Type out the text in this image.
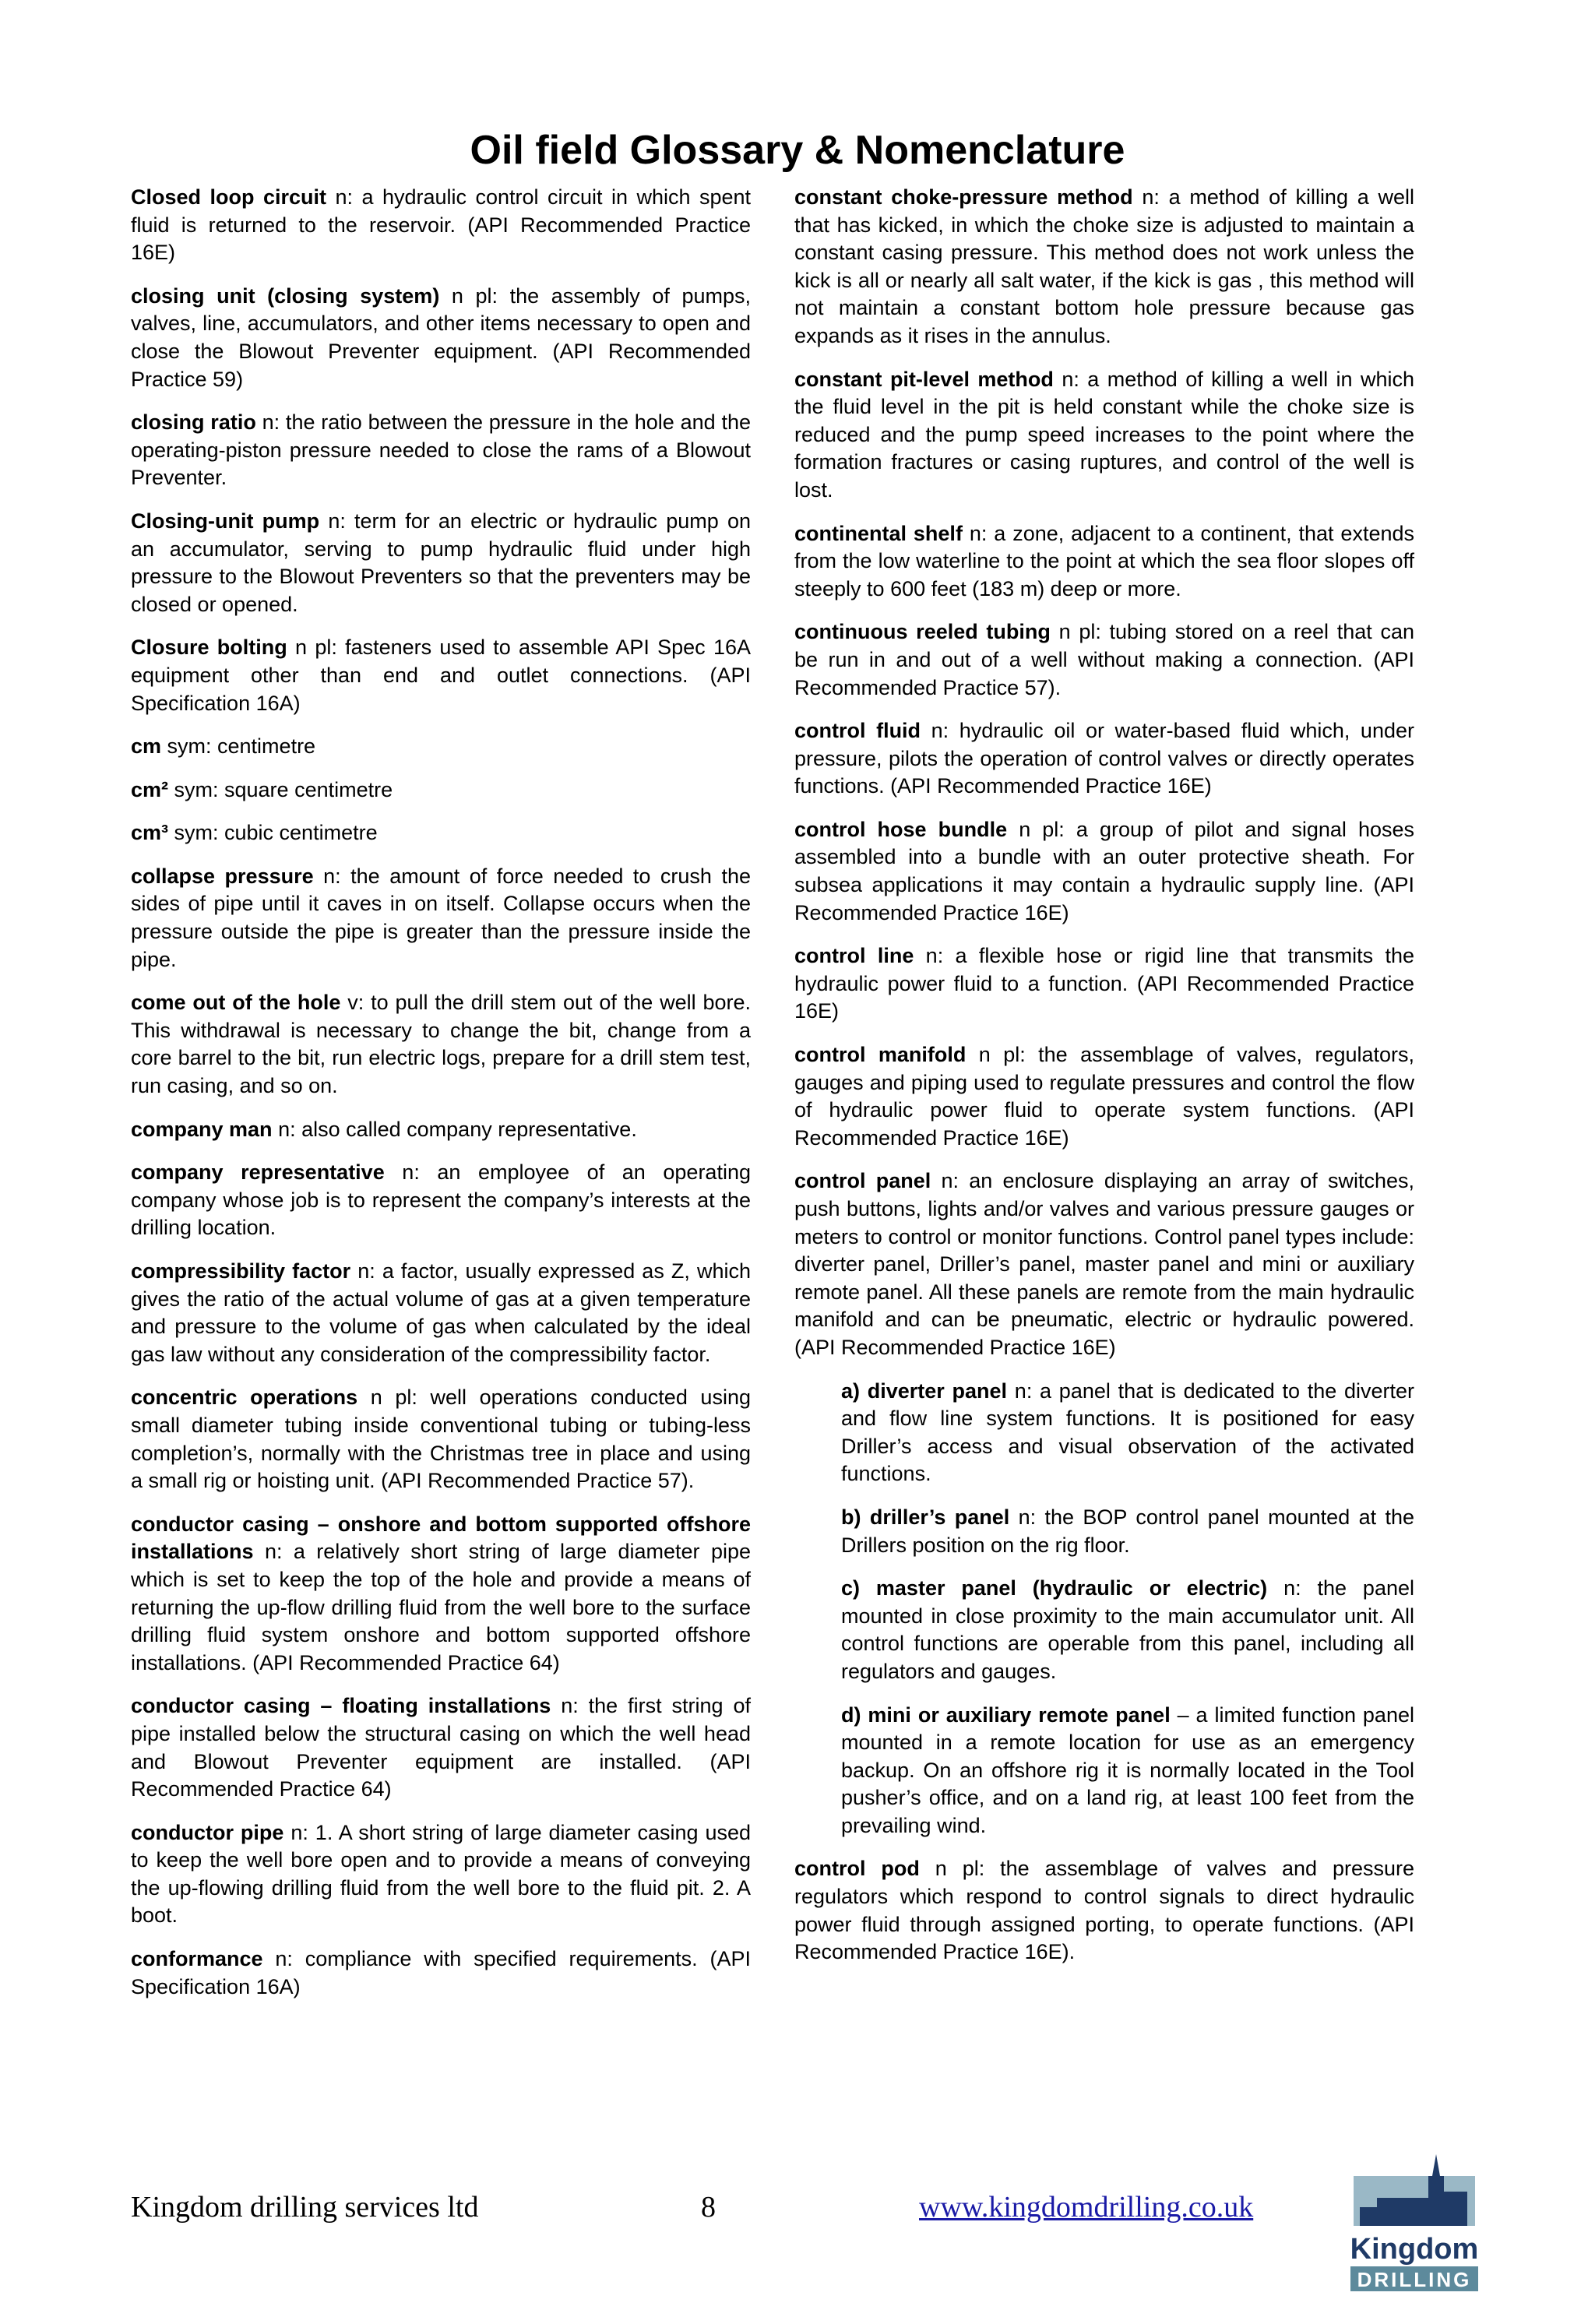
Oil field Glossary & Nomenclature

Closed loop circuit n: a hydraulic control circuit in which spent fluid is returned to the reservoir. (API Recommended Practice 16E)

closing unit (closing system) n pl: the assembly of pumps, valves, line, accumulators, and other items necessary to open and close the Blowout Preventer equipment. (API Recommended Practice 59)

closing ratio n: the ratio between the pressure in the hole and the operating-piston pressure needed to close the rams of a Blowout Preventer.

Closing-unit pump n: term for an electric or hydraulic pump on an accumulator, serving to pump hydraulic fluid under high pressure to the Blowout Preventers so that the preventers may be closed or opened.

Closure bolting n pl: fasteners used to assemble API Spec 16A equipment other than end and outlet connections. (API Specification 16A)

cm sym: centimetre

cm² sym: square centimetre

cm³ sym: cubic centimetre

collapse pressure n: the amount of force needed to crush the sides of pipe until it caves in on itself. Collapse occurs when the pressure outside the pipe is greater than the pressure inside the pipe.

come out of the hole v: to pull the drill stem out of the well bore. This withdrawal is necessary to change the bit, change from a core barrel to the bit, run electric logs, prepare for a drill stem test, run casing, and so on.

company man n: also called company representative.

company representative n: an employee of an operating company whose job is to represent the company’s interests at the drilling location.

compressibility factor n: a factor, usually expressed as Z, which gives the ratio of the actual volume of gas at a given temperature and pressure to the volume of gas when calculated by the ideal gas law without any consideration of the compressibility factor.

concentric operations n pl: well operations conducted using small diameter tubing inside conventional tubing or tubing-less completion’s, normally with the Christmas tree in place and using a small rig or hoisting unit. (API Recommended Practice 57).

conductor casing – onshore and bottom supported offshore installations n: a relatively short string of large diameter pipe which is set to keep the top of the hole and provide a means of returning the up-flow drilling fluid from the well bore to the surface drilling fluid system onshore and bottom supported offshore installations. (API Recommended Practice 64)

conductor casing – floating installations n: the first string of pipe installed below the structural casing on which the well head and Blowout Preventer equipment are installed. (API Recommended Practice 64)

conductor pipe n: 1. A short string of large diameter casing used to keep the well bore open and to provide a means of conveying the up-flowing drilling fluid from the well bore to the fluid pit. 2. A boot.

conformance n: compliance with specified requirements. (API Specification 16A)

constant choke-pressure method n: a method of killing a well that has kicked, in which the choke size is adjusted to maintain a constant casing pressure. This method does not work unless the kick is all or nearly all salt water, if the kick is gas , this method will not maintain a constant bottom hole pressure because gas expands as it rises in the annulus.

constant pit-level method n: a method of killing a well in which the fluid level in the pit is held constant while the choke size is reduced and the pump speed increases to the point where the formation fractures or casing ruptures, and control of the well is lost.

continental shelf n: a zone, adjacent to a continent, that extends from the low waterline to the point at which the sea floor slopes off steeply to 600 feet (183 m) deep or more.

continuous reeled tubing n pl: tubing stored on a reel that can be run in and out of a well without making a connection. (API Recommended Practice 57).

control fluid n: hydraulic oil or water-based fluid which, under pressure, pilots the operation of control valves or directly operates functions. (API Recommended Practice 16E)

control hose bundle n pl: a group of pilot and signal hoses assembled into a bundle with an outer protective sheath. For subsea applications it may contain a hydraulic supply line. (API Recommended Practice 16E)

control line n: a flexible hose or rigid line that transmits the hydraulic power fluid to a function. (API Recommended Practice 16E)

control manifold n pl: the assemblage of valves, regulators, gauges and piping used to regulate pressures and control the flow of hydraulic power fluid to operate system functions. (API Recommended Practice 16E)

control panel n: an enclosure displaying an array of switches, push buttons, lights and/or valves and various pressure gauges or meters to control or monitor functions. Control panel types include: diverter panel, Driller’s panel, master panel and mini or auxiliary remote panel. All these panels are remote from the main hydraulic manifold and can be pneumatic, electric or hydraulic powered. (API Recommended Practice 16E)

a) diverter panel n: a panel that is dedicated to the diverter and flow line system functions. It is positioned for easy Driller’s access and visual observation of the activated functions.

b) driller’s panel n: the BOP control panel mounted at the Drillers position on the rig floor.

c) master panel (hydraulic or electric) n: the panel mounted in close proximity to the main accumulator unit. All control functions are operable from this panel, including all regulators and gauges.

d) mini or auxiliary remote panel – a limited function panel mounted in a remote location for use as an emergency backup. On an offshore rig it is normally located in the Tool pusher’s office, and on a land rig, at least 100 feet from the prevailing wind.

control pod n pl: the assemblage of valves and pressure regulators which respond to control signals to direct hydraulic power fluid through assigned porting, to operate functions. (API Recommended Practice 16E).

Kingdom drilling services ltd	8	www.kingdomdrilling.co.uk
Kingdom
DRILLING
